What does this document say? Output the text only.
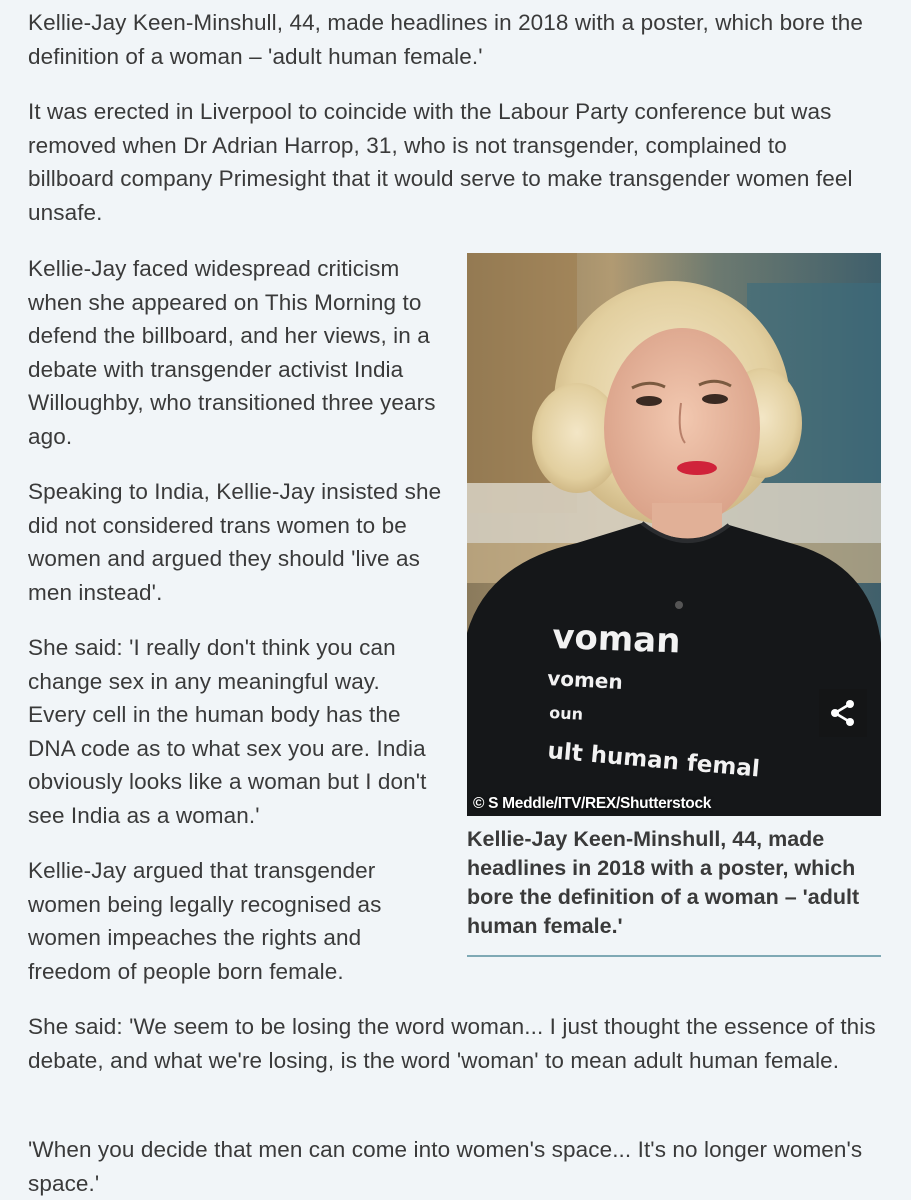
Kellie-Jay Keen-Minshull, 44, made headlines in 2018 with a poster, which bore the definition of a woman – 'adult human female.'

It was erected in Liverpool to coincide with the Labour Party conference but was removed when Dr Adrian Harrop, 31, who is not transgender, complained to billboard company Primesight that it would serve to make transgender women feel unsafe.

Kellie-Jay faced widespread criticism when she appeared on This Morning to defend the billboard, and her views, in a debate with transgender activist India Willoughby, who transitioned three years ago.

Speaking to India, Kellie-Jay insisted she did not considered trans women to be women and argued they should 'live as men instead'.

She said: 'I really don't think you can change sex in any meaningful way. Every cell in the human body has the DNA code as to what sex you are. India obviously looks like a woman but I don't see India as a woman.'

Kellie-Jay argued that transgender women being legally recognised as women impeaches the rights and freedom of people born female.

She said: 'We seem to be losing the word woman... I just thought the essence of this debate, and what we're losing, is the word 'woman' to mean adult human female.

'When you decide that men can come into women's space... It's no longer women's space.'

voman
vomen
oun
ult human femal
© S Meddle/ITV/REX/Shutterstock
Kellie-Jay Keen-Minshull, 44, made headlines in 2018 with a poster, which bore the definition of a woman – 'adult human female.'
